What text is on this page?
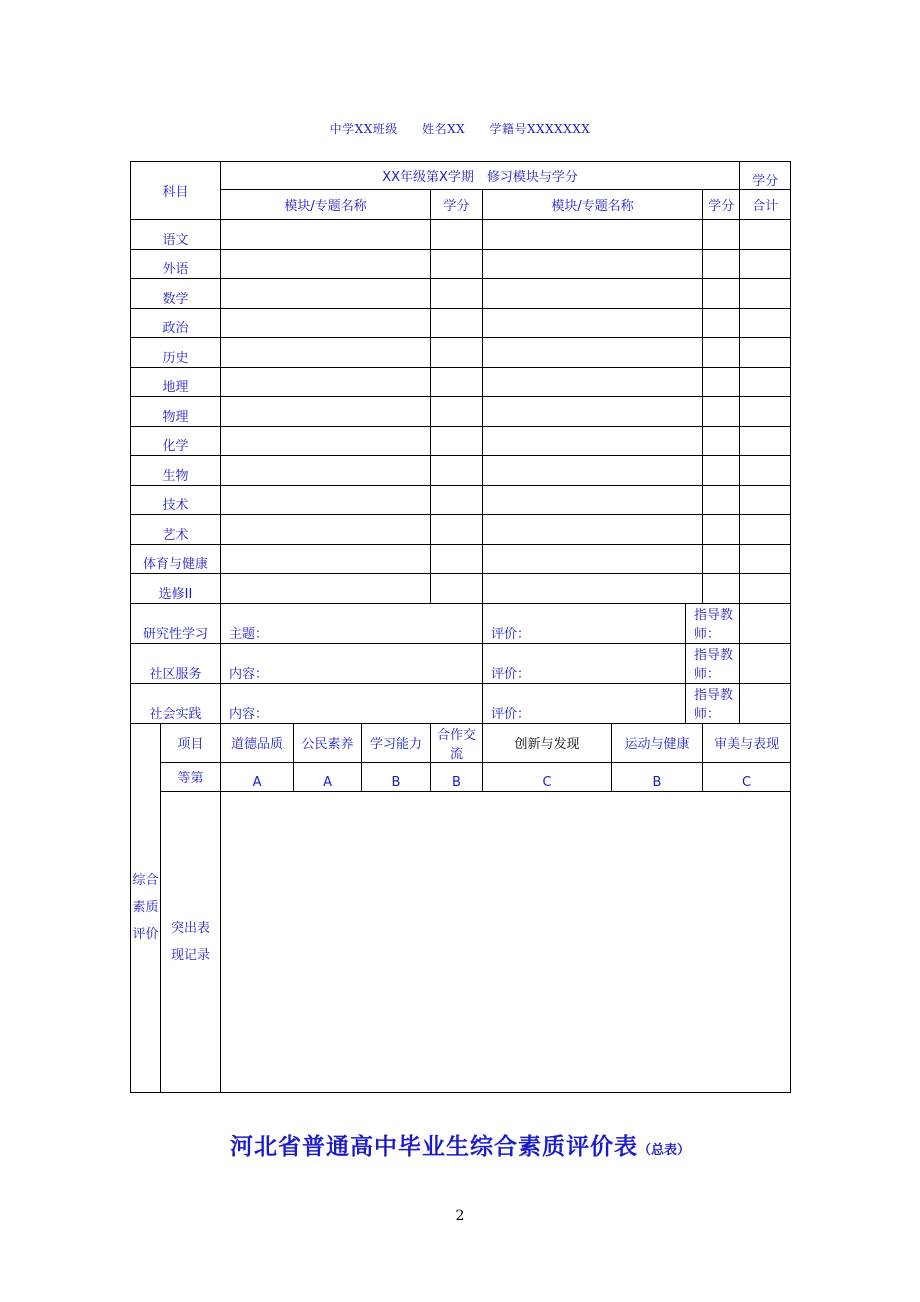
中学XX班级 姓名XX 学籍号XXXXXXX
科目		XX年级第X学期　修习模块与学分								学分
		模块/专题名称			学分	模块/专题名称			学分	合计
语文										
外语										
数学										
政治										
历史										
地理										
物理										
化学										
生物										
技术										
艺术										
体育与健康										
选修II										
研究性学习		主题：				评价：		指导教师：		
社区服务		内容：				评价：		指导教师：		
社会实践		内容：				评价：		指导教师：		
综合素质评价	项目	道德品质	公民素养	学习能力	合作交流	创新与发现	运动与健康		审美与表现	
	等第	A	A	B	B	C	B		C	
	突出表现记录									
河北省普通高中毕业生综合素质评价表（总表）
2
